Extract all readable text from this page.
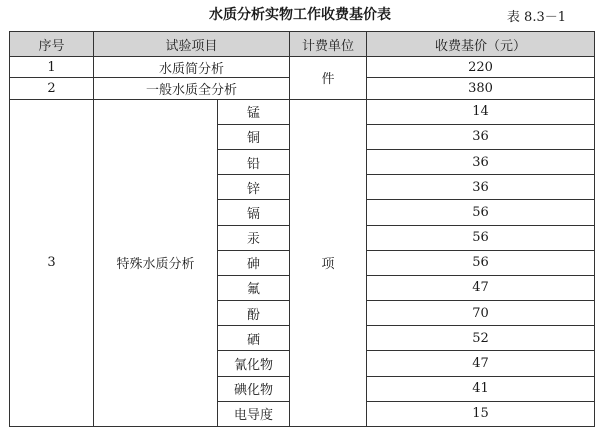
水质分析实物工作收费基价表	表 8.3－1
序号	试验项目		计费单位	收费基价（元）
1	水质简分析		件	220
2	一般水质全分析			380
3	特殊水质分析	锰	项	14
		铜		36
		铅		36
		锌		36
		镉		56
		汞		56
		砷		56
		氟		47
		酚		70
		硒		52
		氰化物		47
		碘化物		41
		电导度		15
